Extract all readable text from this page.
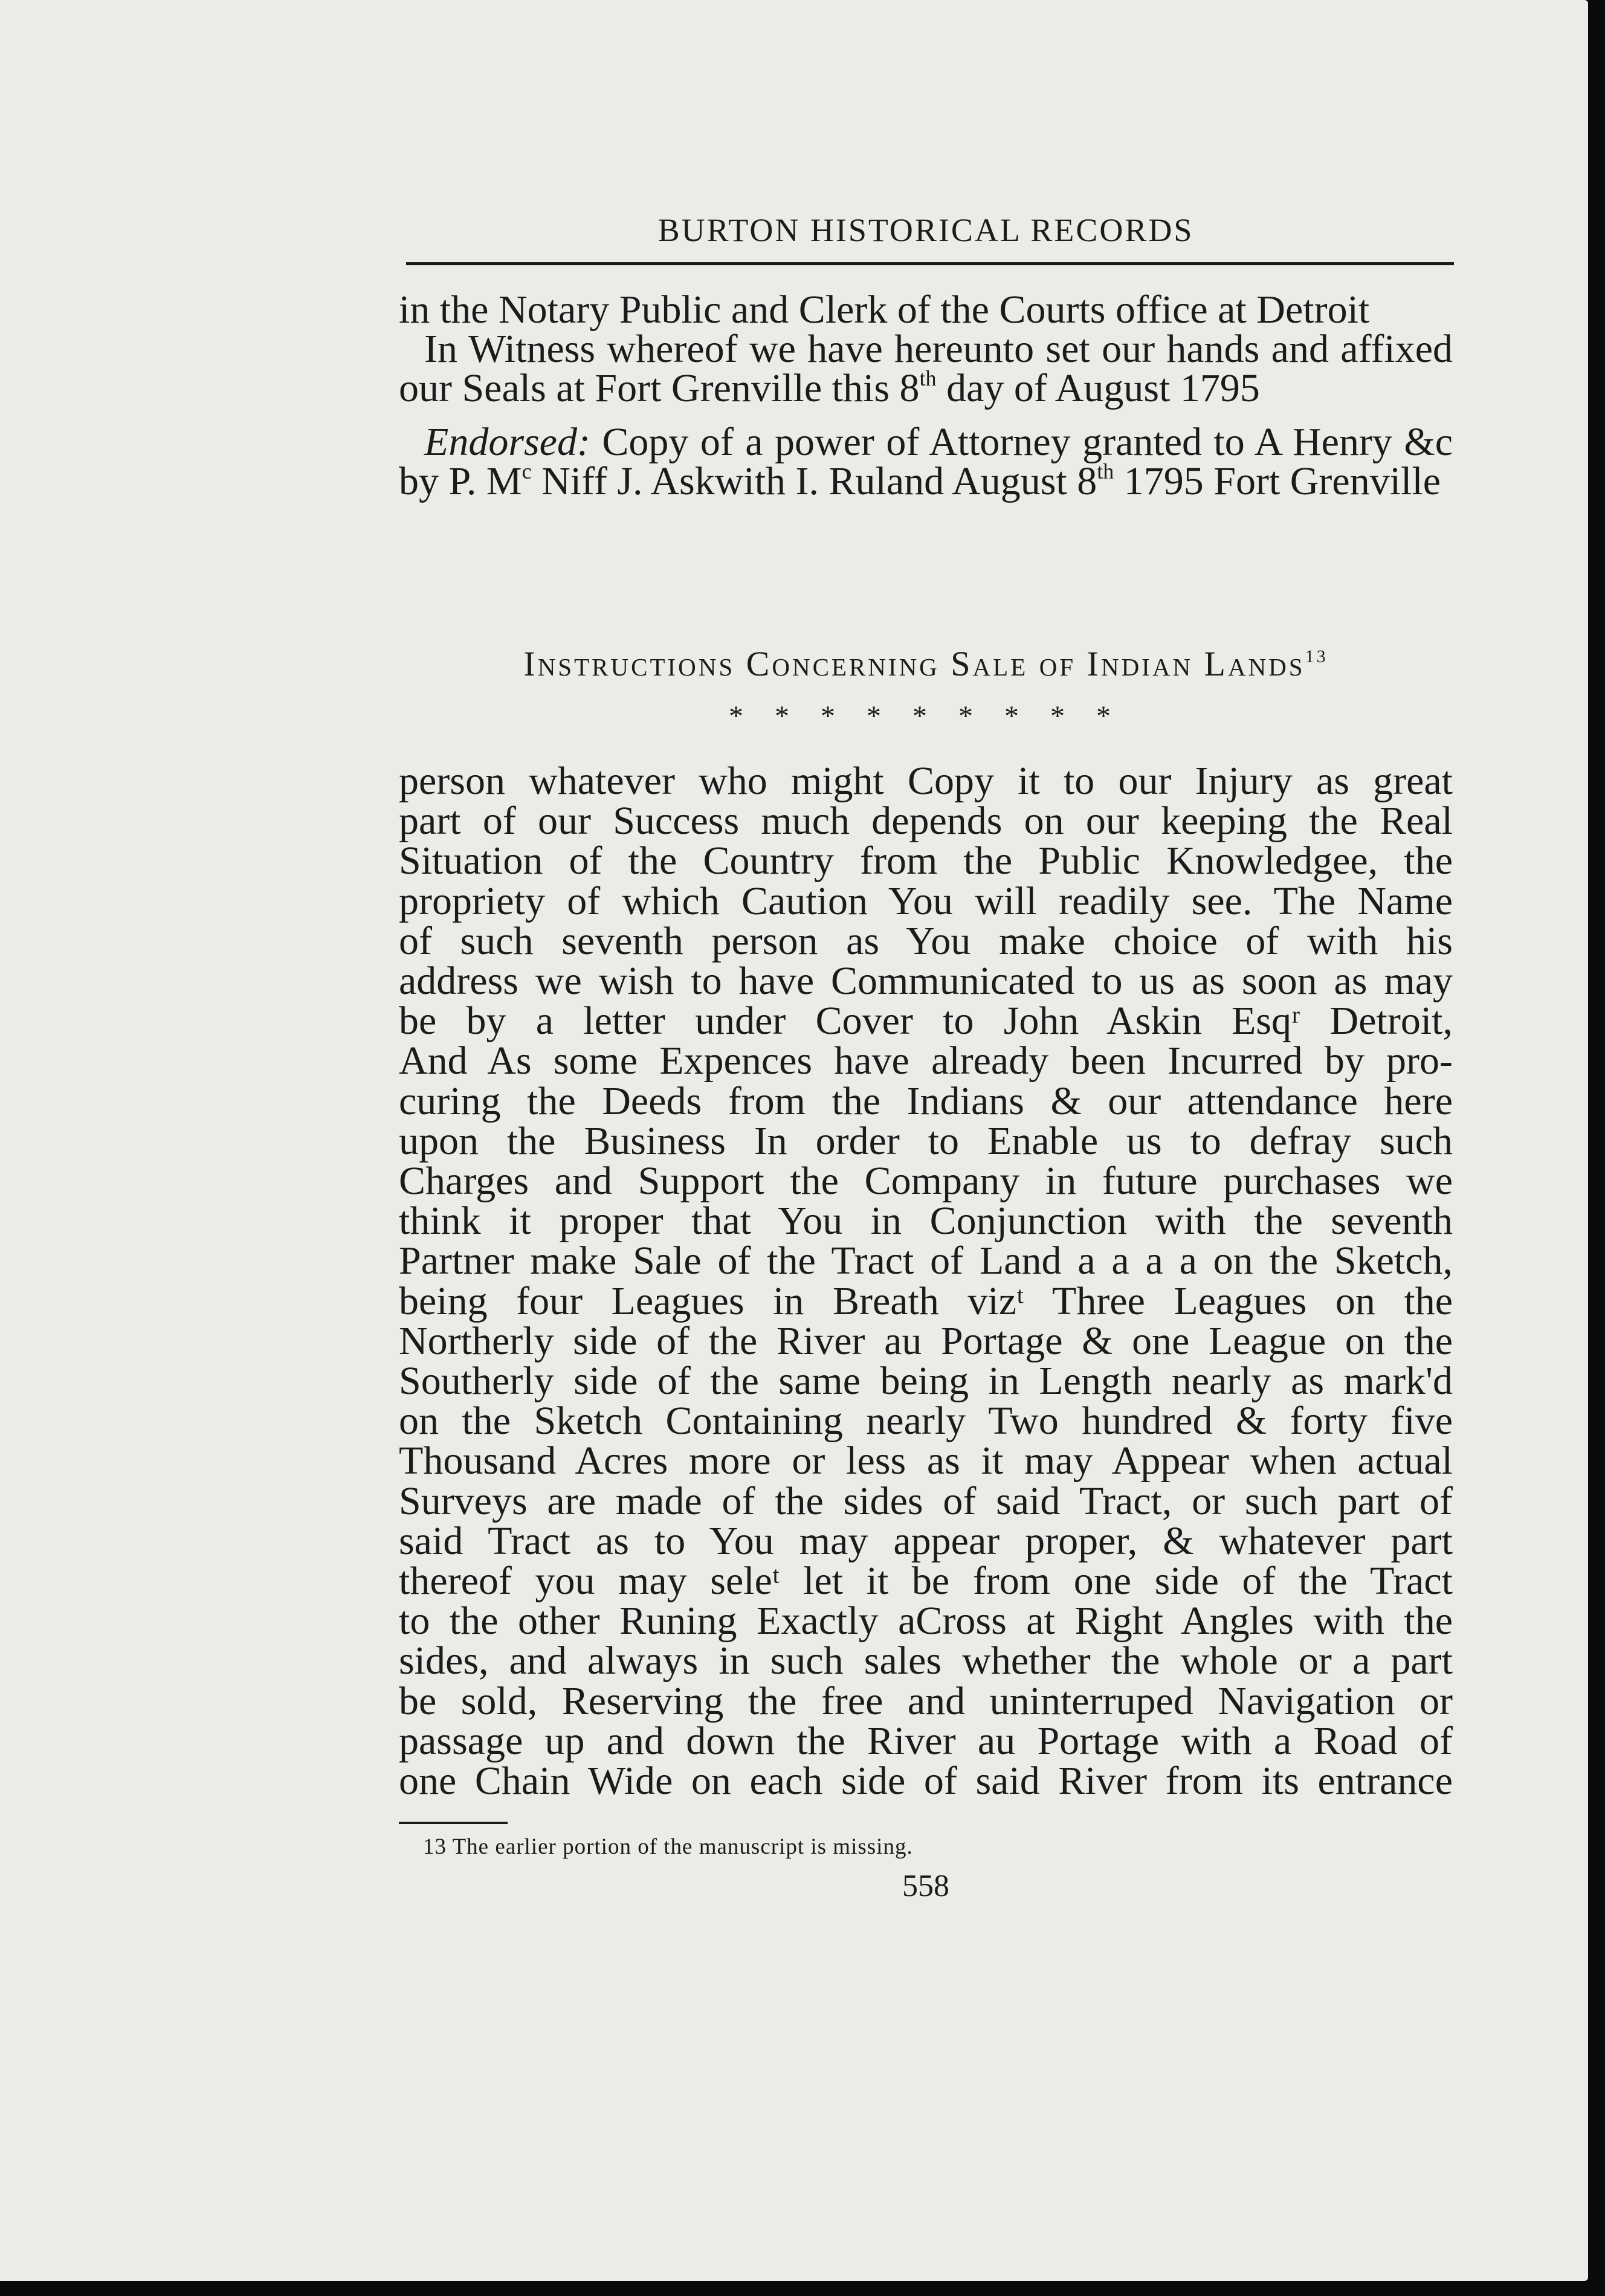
BURTON HISTORICAL RECORDS

in the Notary Public and Clerk of the Courts office at Detroit

In Witness whereof we have hereunto set our hands and affixed our Seals at Fort Grenville this 8th day of August 1795

Endorsed: Copy of a power of Attorney granted to A Henry &c by P. $M^c$ Niff J. Askwith I. Ruland August 8th 1795 Fort Grenville

Instructions Concerning Sale of Indian Lands$^{13}$
* * * * * * * * *
person whatever who might Copy it to our Injury as great
part of our Success much depends on our keeping the Real
Situation of the Country from the Public Knowledgee, the
propriety of which Caution You will readily see. The Name
of such seventh person as You make choice of with his
address we wish to have Communicated to us as soon as may
be by a letter under Cover to John Askin Esqʳ Detroit,
And As some Expences have already been Incurred by pro-
curing the Deeds from the Indians & our attendance here
upon the Business In order to Enable us to defray such
Charges and Support the Company in future purchases we
think it proper that You in Conjunction with the seventh
Partner make Sale of the Tract of Land a a a a on the Sketch,
being four Leagues in Breath vizᵗ Three Leagues on the
Northerly side of the River au Portage & one League on the
Southerly side of the same being in Length nearly as mark'd
on the Sketch Containing nearly Two hundred & forty five
Thousand Acres more or less as it may Appear when actual
Surveys are made of the sides of said Tract, or such part of
said Tract as to You may appear proper, & whatever part
thereof you may seleᵗ let it be from one side of the Tract
to the other Runing Exactly aCross at Right Angles with the
sides, and always in such sales whether the whole or a part
be sold, Reserving the free and uninterruped Navigation or
passage up and down the River au Portage with a Road of
one Chain Wide on each side of said River from its entrance
13 The earlier portion of the manuscript is missing.
558
